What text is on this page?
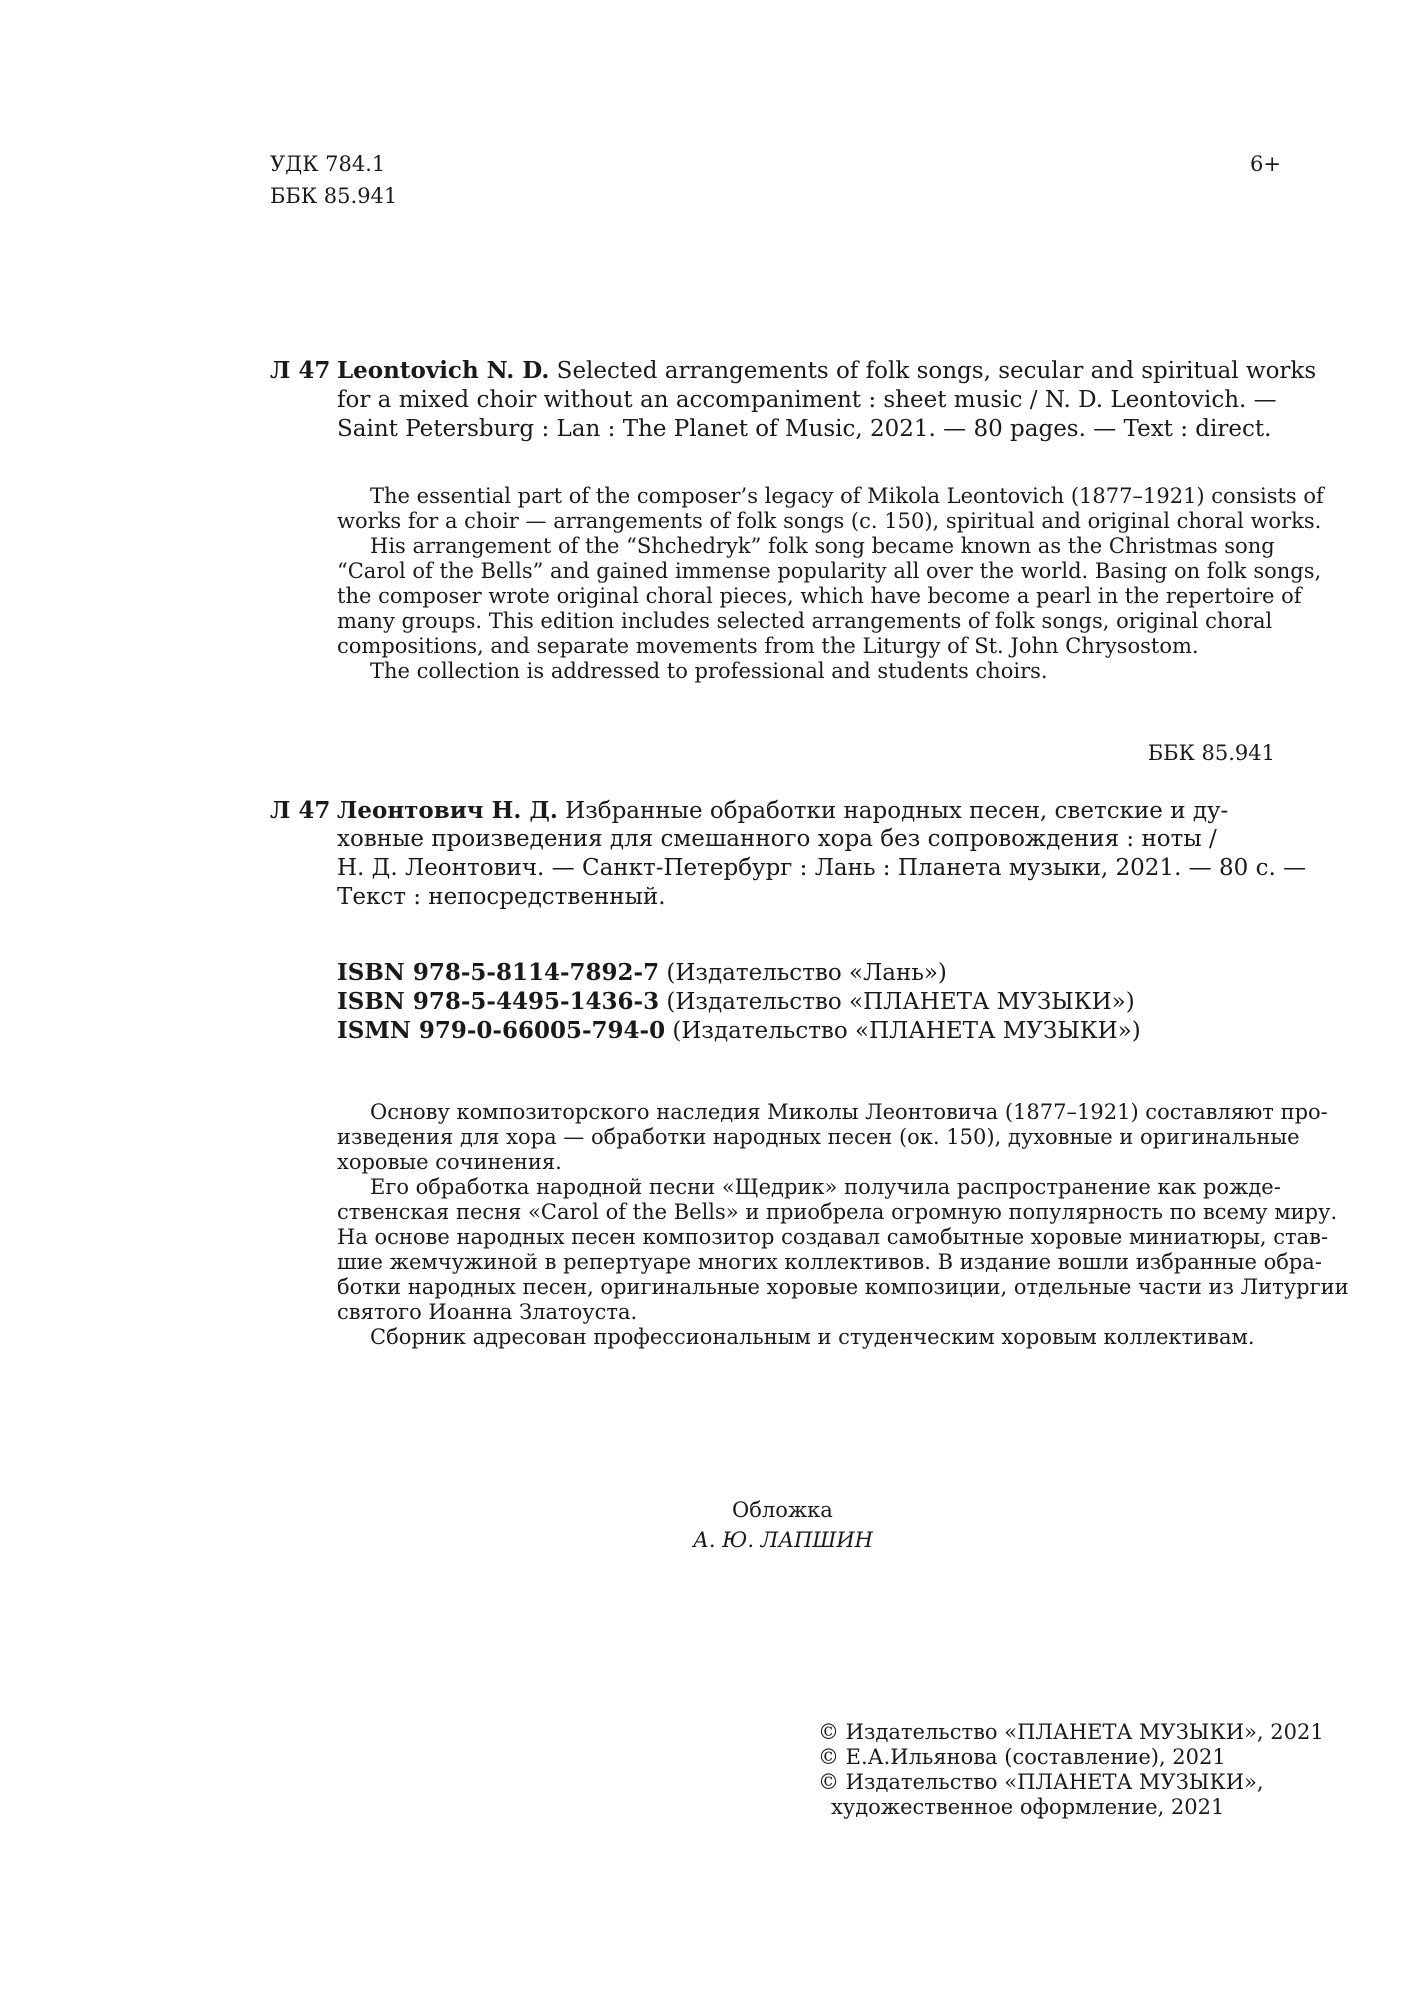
УДК 784.1
ББК 85.941
6+
Л 47 Leontovich N. D. Selected arrangements of folk songs, secular and spiritual works
for a mixed choir without an accompaniment : sheet music / N. D. Leontovich. —
Saint Petersburg : Lan : The Planet of Music, 2021. — 80 pages. — Text : direct.
The essential part of the composer’s legacy of Mikola Leontovich (1877–1921) consists of
works for a choir — arrangements of folk songs (c. 150), spiritual and original choral works.
His arrangement of the “Shchedryk” folk song became known as the Christmas song
“Carol of the Bells” and gained immense popularity all over the world. Basing on folk songs,
the composer wrote original choral pieces, which have become a pearl in the repertoire of
many groups. This edition includes selected arrangements of folk songs, original choral
compositions, and separate movements from the Liturgy of St. John Chrysostom.
The collection is addressed to professional and students choirs.
ББК 85.941
Л 47 Леонтович Н. Д. Избранные обработки народных песен, светские и ду-
ховные произведения для смешанного хора без сопровождения : ноты /
Н. Д. Леонтович. — Санкт-Петербург : Лань : Планета музыки, 2021. — 80 с. —
Текст : непосредственный.
ISBN 978-5-8114-7892-7 (Издательство «Лань»)
ISBN 978-5-4495-1436-3 (Издательство «ПЛАНЕТА МУЗЫКИ»)
ISMN 979-0-66005-794-0 (Издательство «ПЛАНЕТА МУЗЫКИ»)
Основу композиторского наследия Миколы Леонтовича (1877–1921) составляют про-
изведения для хора — обработки народных песен (ок. 150), духовные и оригинальные
хоровые сочинения.
Его обработка народной песни «Щедрик» получила распространение как рожде-
ственская песня «Carol of the Bells» и приобрела огромную популярность по всему миру.
На основе народных песен композитор создавал самобытные хоровые миниатюры, став-
шие жемчужиной в репертуаре многих коллективов. В издание вошли избранные обра-
ботки народных песен, оригинальные хоровые композиции, отдельные части из Литургии
святого Иоанна Златоуста.
Сборник адресован профессиональным и студенческим хоровым коллективам.
Обложка
А. Ю. ЛАПШИН
© Издательство «ПЛАНЕТА МУЗЫКИ», 2021
© Е.А.Ильянова (составление), 2021
© Издательство «ПЛАНЕТА МУЗЫКИ»,
художественное оформление, 2021
